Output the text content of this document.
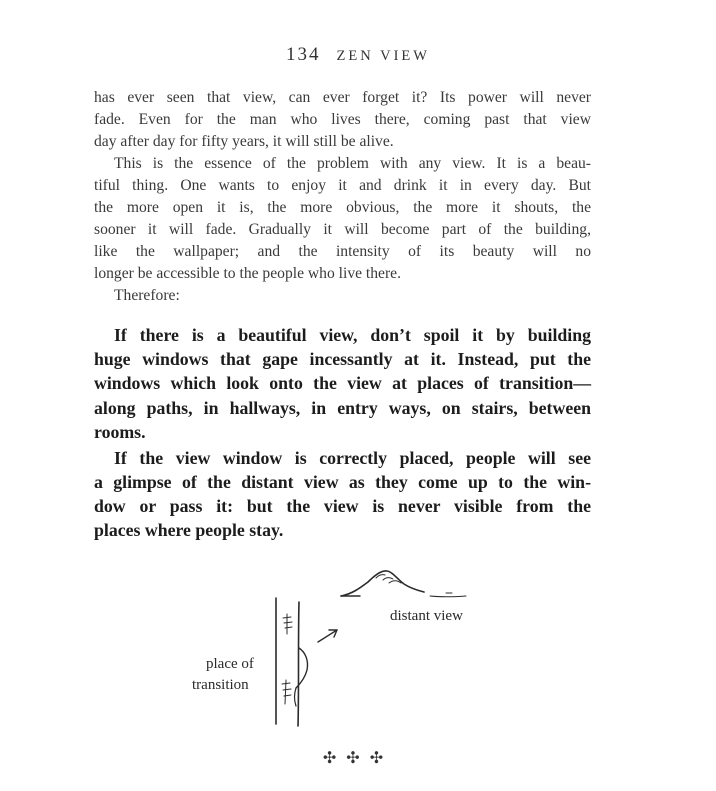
134 ZEN VIEW
has ever seen that view, can ever forget it? Its power will never
fade. Even for the man who lives there, coming past that view
day after day for fifty years, it will still be alive.
This is the essence of the problem with any view. It is a beau-
tiful thing. One wants to enjoy it and drink it in every day. But
the more open it is, the more obvious, the more it shouts, the
sooner it will fade. Gradually it will become part of the building,
like the wallpaper; and the intensity of its beauty will no
longer be accessible to the people who live there.
Therefore:
If there is a beautiful view, don’t spoil it by building
huge windows that gape incessantly at it. Instead, put the
windows which look onto the view at places of transition—
along paths, in hallways, in entry ways, on stairs, between
rooms.
If the view window is correctly placed, people will see
a glimpse of the distant view as they come up to the win-
dow or pass it: but the view is never visible from the
places where people stay.
distant view
place of
transition
✣✣✣
